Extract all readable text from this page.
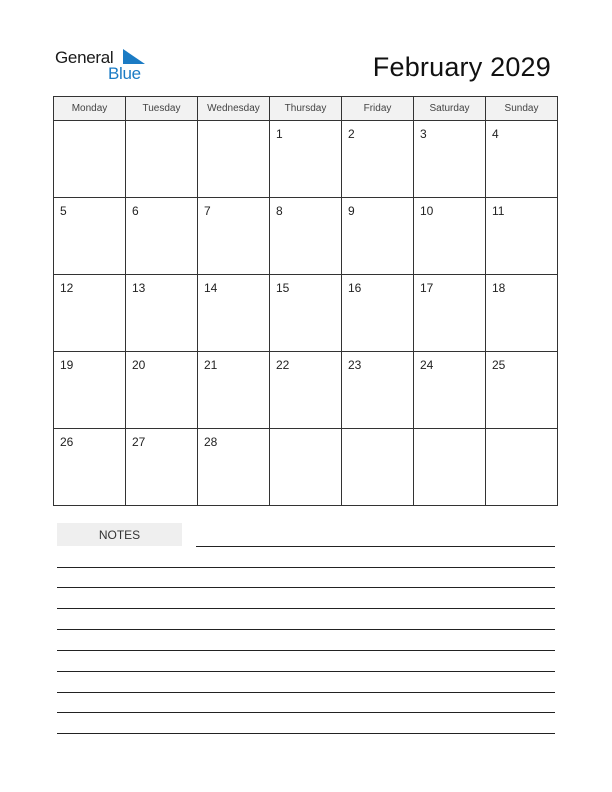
General
Blue	February 2029
Monday	Tuesday	Wednesday	Thursday	Friday	Saturday	Sunday

			1	2	3	4

5	6	7	8	9	10	11

12	13	14	15	16	17	18

19	20	21	22	23	24	25

26	27	28				

NOTES
